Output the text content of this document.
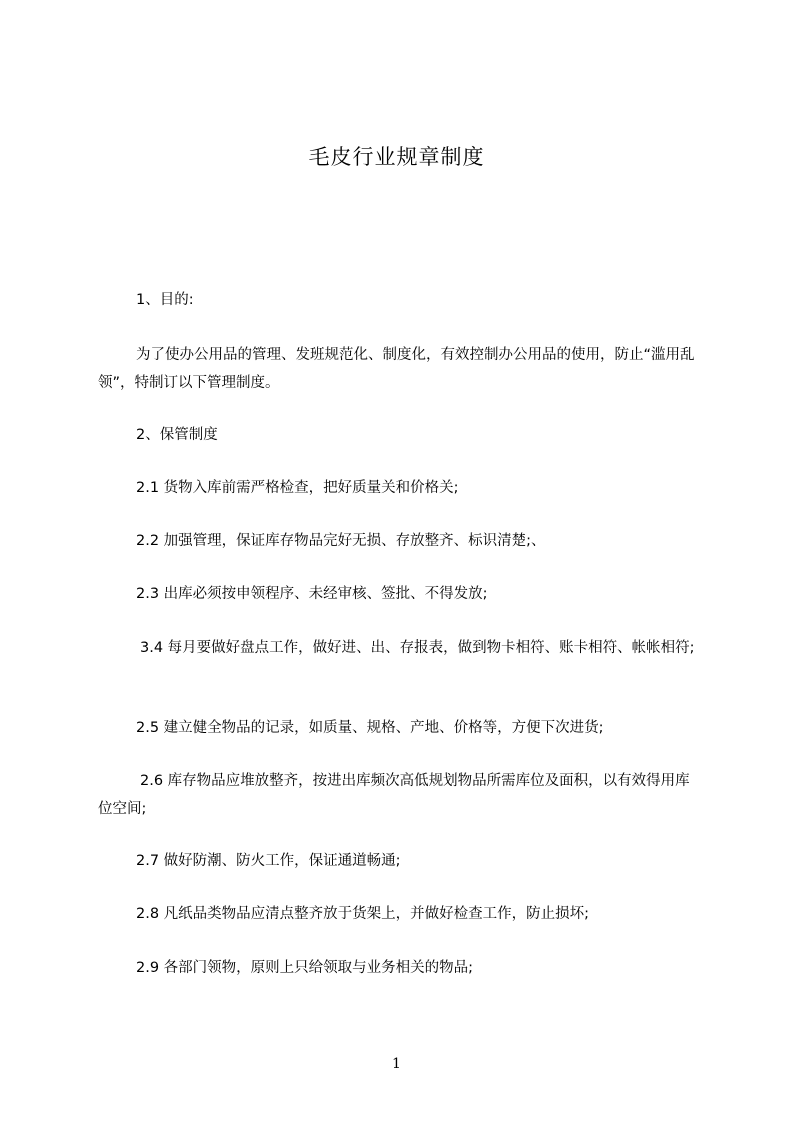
毛皮行业规章制度

1、目的:

为了使办公用品的管理、发班规范化、制度化，有效控制办公用品的使用，防止“滥用乱领”，特制订以下管理制度。

2、保管制度

2.1 货物入库前需严格检查，把好质量关和价格关;

2.2 加强管理，保证库存物品完好无损、存放整齐、标识清楚;、

2.3 出库必须按申领程序、未经审核、签批、不得发放;

3.4 每月要做好盘点工作，做好进、出、存报表，做到物卡相符、账卡相符、帐帐相符;

2.5 建立健全物品的记录，如质量、规格、产地、价格等，方便下次进货;

2.6 库存物品应堆放整齐，按进出库频次高低规划物品所需库位及面积，以有效得用库位空间;

2.7 做好防潮、防火工作，保证通道畅通;

2.8 凡纸品类物品应清点整齐放于货架上，并做好检查工作，防止损坏;

2.9 各部门领物，原则上只给领取与业务相关的物品;

1
